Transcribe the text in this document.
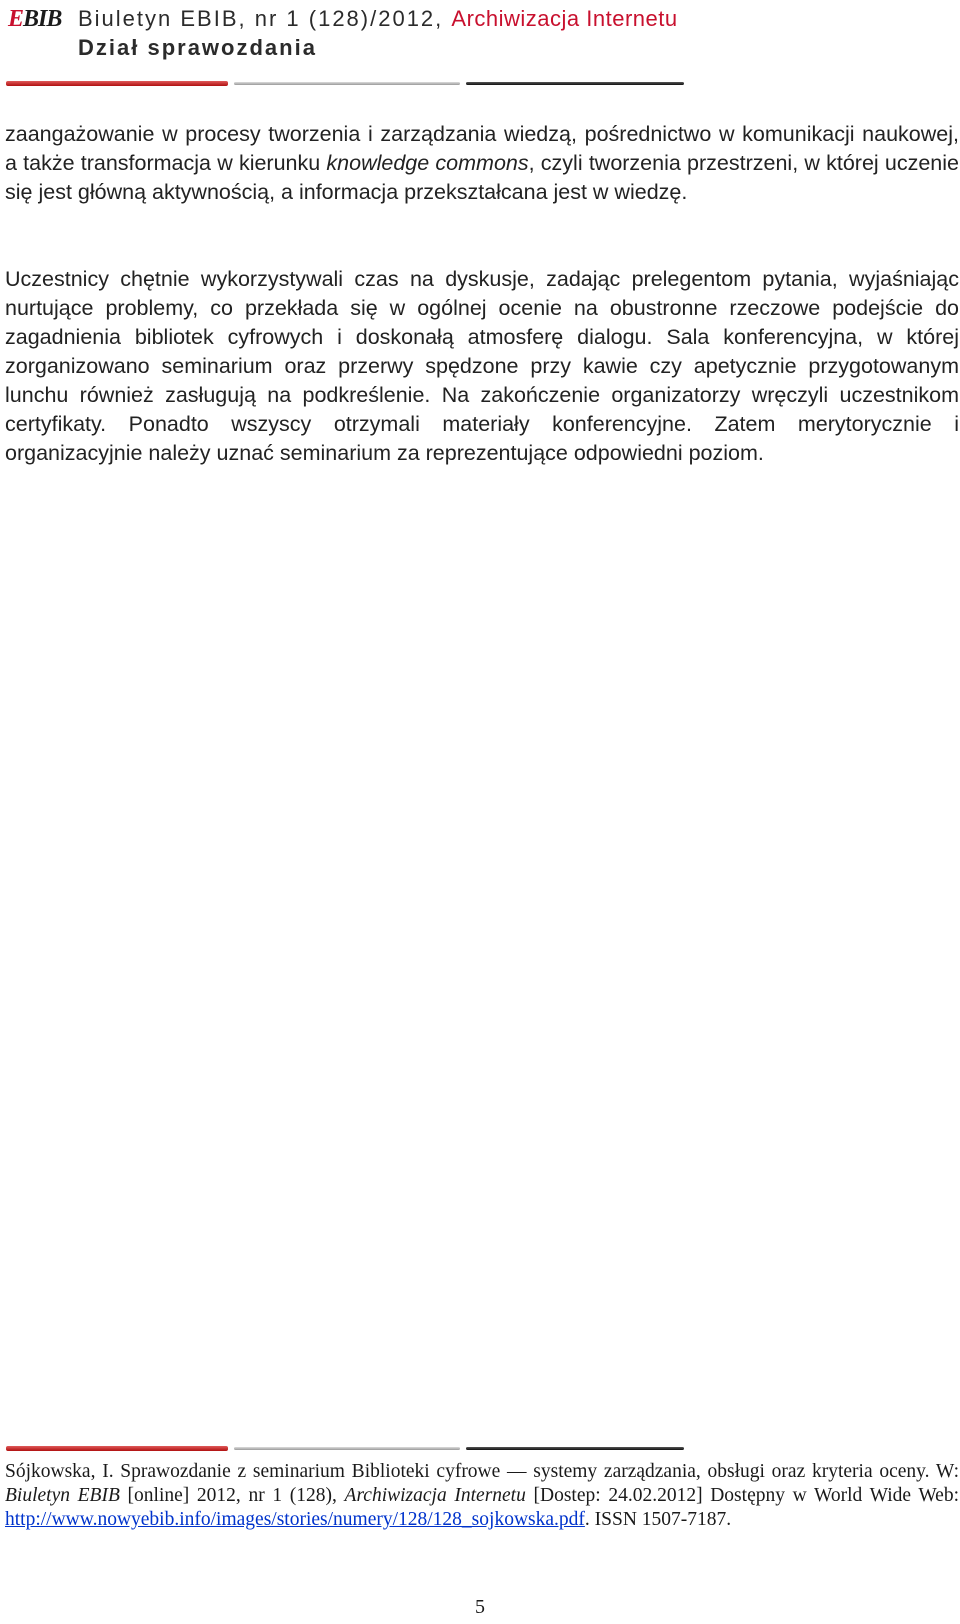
EBIB Biuletyn EBIB, nr 1 (128)/2012, Archiwizacja Internetu
Dział sprawozdania

zaangażowanie w procesy tworzenia i zarządzania wiedzą, pośrednictwo w komunikacji naukowej, a także transformacja w kierunku knowledge commons, czyli tworzenia przestrzeni, w której uczenie się jest główną aktywnością, a informacja przekształcana jest w wiedzę.

Uczestnicy chętnie wykorzystywali czas na dyskusje, zadając prelegentom pytania, wyjaśniając nurtujące problemy, co przekłada się w ogólnej ocenie na obustronne rzeczowe podejście do zagadnienia bibliotek cyfrowych i doskonałą atmosferę dialogu. Sala konferencyjna, w której zorganizowano seminarium oraz przerwy spędzone przy kawie czy apetycznie przygotowanym lunchu również zasługują na podkreślenie. Na zakończenie organizatorzy wręczyli uczestnikom certyfikaty. Ponadto wszyscy otrzymali materiały konferencyjne. Zatem merytorycznie i organizacyjnie należy uznać seminarium za reprezentujące odpowiedni poziom.

Sójkowska, I. Sprawozdanie z seminarium Biblioteki cyfrowe — systemy zarządzania, obsługi oraz kryteria oceny. W: Biuletyn EBIB [online] 2012, nr 1 (128), Archiwizacja Internetu [Dostep: 24.02.2012] Dostępny w World Wide Web: http://www.nowyebib.info/images/stories/numery/128/128_sojkowska.pdf. ISSN 1507-7187.
5
